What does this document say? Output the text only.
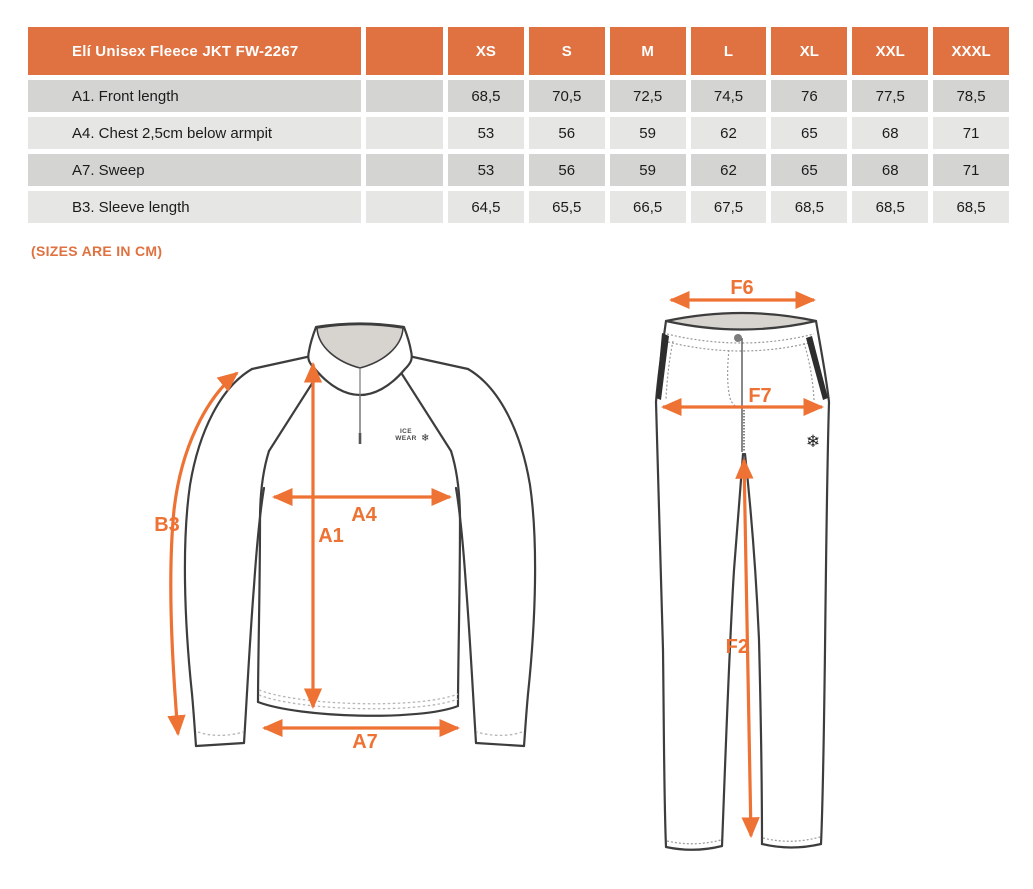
Elí Unisex Fleece JKT FW-2267	XS	S	M	L	XL	XXL	XXXL
A1. Front length	68,5	70,5	72,5	74,5	76	77,5	78,5
A4. Chest 2,5cm below armpit	53	56	59	62	65	68	71
A7. Sweep	53	56	59	62	65	68	71
B3. Sleeve length	64,5	65,5	66,5	67,5	68,5	68,5	68,5
(SIZES ARE IN CM)
ICE
WEAR ❄
B3	A4
A1
A7
❄
F6
F7
F2
